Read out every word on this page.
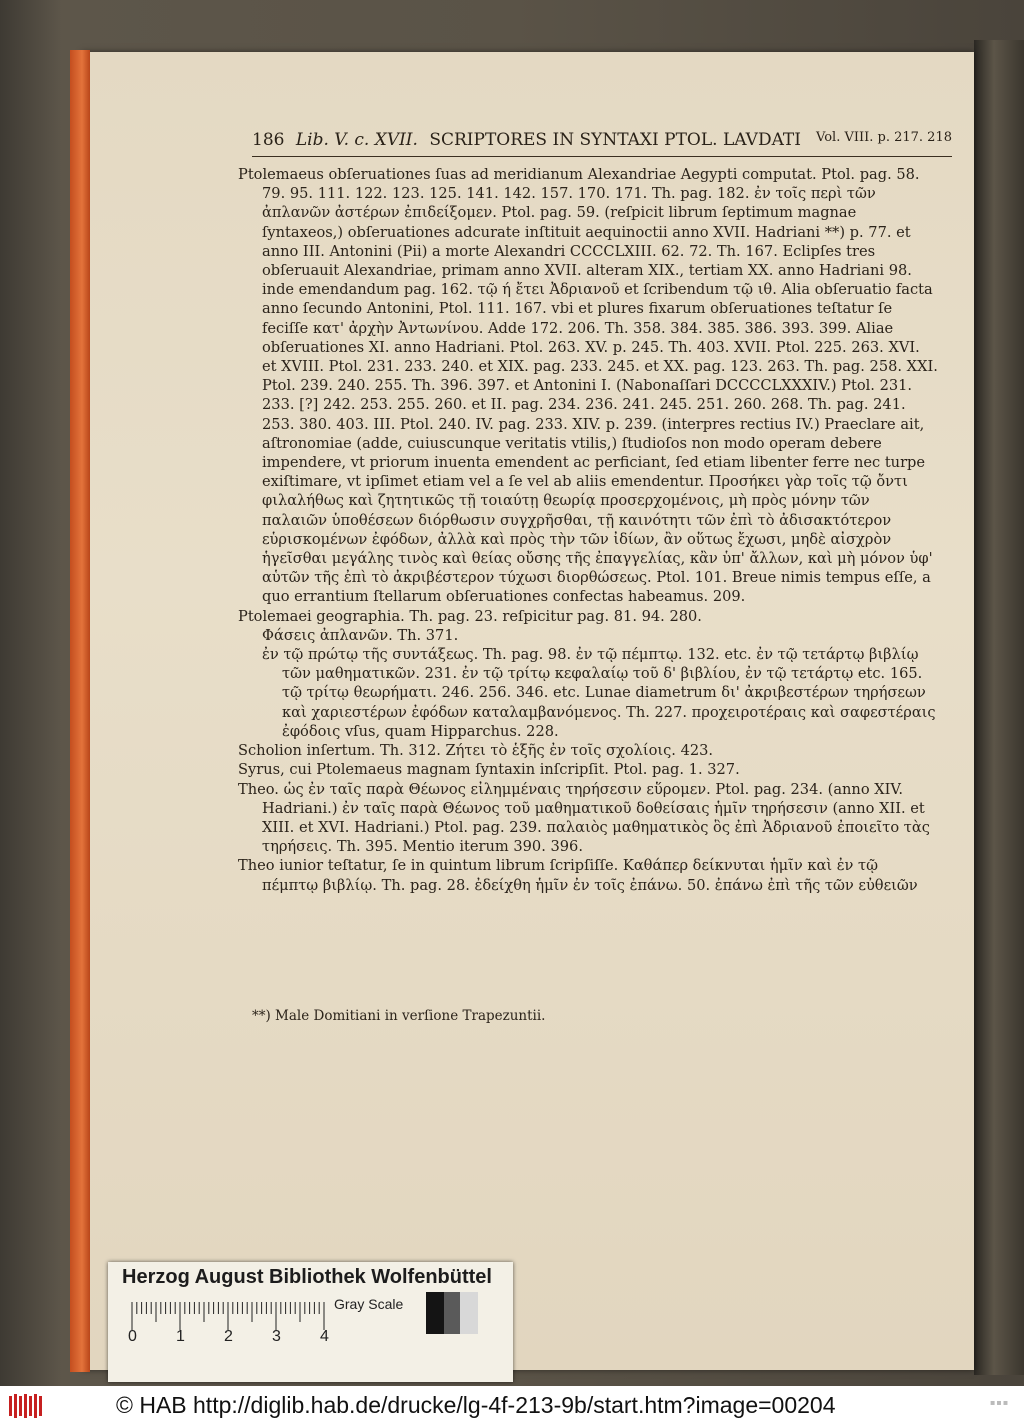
186 Lib. V. c. XVII. SCRIPTORES IN SYNTAXI PTOL. LAVDATI Vol. VIII. p. 217. 218

Ptolemaeus obſeruationes ſuas ad meridianum Alexandriae Aegypti computat. Ptol. pag. 58. 79. 95. 111. 122. 123. 125. 141. 142. 157. 170. 171. Th. pag. 182. ἐν τοῖς περὶ τῶν ἀπλανῶν ἀστέρων ἐπιδείξομεν. Ptol. pag. 59. (reſpicit librum ſeptimum magnae ſyntaxeos,) obſeruationes adcurate inſtituit aequinoctii anno XVII. Hadriani **) p. 77. et anno III. Antonini (Pii) a morte Alexandri CCCCLXIII. 62. 72. Th. 167. Eclipſes tres obſeruauit Alexandriae, primam anno XVII. alteram XIX., tertiam XX. anno Hadriani 98. inde emendandum pag. 162. τῷ ή ἔτει Ἀδριανοῦ et ſcribendum τῷ ιθ. Alia obſeruatio facta anno ſecundo Antonini, Ptol. 111. 167. vbi et plures fixarum obſeruationes teſtatur ſe feciſſe κατ' ἀρχὴν Ἀντωνίνου. Adde 172. 206. Th. 358. 384. 385. 386. 393. 399. Aliae obſeruationes XI. anno Hadriani. Ptol. 263. XV. p. 245. Th. 403. XVII. Ptol. 225. 263. XVI. et XVIII. Ptol. 231. 233. 240. et XIX. pag. 233. 245. et XX. pag. 123. 263. Th. pag. 258. XXI. Ptol. 239. 240. 255. Th. 396. 397. et Antonini I. (Nabonaſſari DCCCCLXXXIV.) Ptol. 231. 233. [?] 242. 253. 255. 260. et II. pag. 234. 236. 241. 245. 251. 260. 268. Th. pag. 241. 253. 380. 403. III. Ptol. 240. IV. pag. 233. XIV. p. 239. (interpres rectius IV.) Praeclare ait, aſtronomiae (adde, cuiuscunque veritatis vtilis,) ſtudioſos non modo operam debere impendere, vt priorum inuenta emendent ac perficiant, ſed etiam libenter ferre nec turpe exiſtimare, vt ipſimet etiam vel a ſe vel ab aliis emendentur. Προσήκει γὰρ τοῖς τῷ ὄντι φιλαλήθως καὶ ζητητικῶς τῇ τοιαύτῃ θεωρίᾳ προσερχομένοις, μὴ πρὸς μόνην τῶν παλαιῶν ὑποθέσεων διόρθωσιν συγχρῆσθαι, τῇ καινότητι τῶν ἐπὶ τὸ ἀδισακτότερον εὑρισκομένων ἐφόδων, ἀλλὰ καὶ πρὸς τὴν τῶν ἰδίων, ἂν οὕτως ἔχωσι, μηδὲ αἰσχρὸν ἡγεῖσθαι μεγάλης τινὸς καὶ θείας οὔσης τῆς ἐπαγγελίας, κἂν ὑπ' ἄλλων, καὶ μὴ μόνον ὑφ' αὑτῶν τῆς ἐπὶ τὸ ἀκριβέστερον τύχωσι διορθώσεως. Ptol. 101. Breue nimis tempus eſſe, a quo errantium ſtellarum obſeruationes confectas habeamus. 209.

Ptolemaei geographia. Th. pag. 23. reſpicitur pag. 81. 94. 280.

Φάσεις ἀπλανῶν. Th. 371.

ἐν τῷ πρώτῳ τῆς συντάξεως. Th. pag. 98. ἐν τῷ πέμπτῳ. 132. etc. ἐν τῷ τετάρτῳ βιβλίῳ τῶν μαθηματικῶν. 231. ἐν τῷ τρίτῳ κεφαλαίῳ τοῦ δ' βιβλίου, ἐν τῷ τετάρτῳ etc. 165. τῷ τρίτῳ θεωρήματι. 246. 256. 346. etc. Lunae diametrum δι' ἀκριβεστέρων τηρήσεων καὶ χαριεστέρων ἐφόδων καταλαμβανόμενος. Th. 227. προχειροτέραις καὶ σαφεστέραις ἐφόδοις vſus, quam Hipparchus. 228.

Scholion inſertum. Th. 312. Ζήτει τὸ ἑξῆς ἐν τοῖς σχολίοις. 423.

Syrus, cui Ptolemaeus magnam ſyntaxin inſcripſit. Ptol. pag. 1. 327.

Theo. ὡς ἐν ταῖς παρὰ Θέωνος εἰλημμέναις τηρήσεσιν εὕρομεν. Ptol. pag. 234. (anno XIV. Hadriani.) ἐν ταῖς παρὰ Θέωνος τοῦ μαθηματικοῦ δοθείσαις ἡμῖν τηρήσεσιν (anno XII. et XIII. et XVI. Hadriani.) Ptol. pag. 239. παλαιὸς μαθηματικὸς ὃς ἐπὶ Ἀδριανοῦ ἐποιεῖτο τὰς τηρήσεις. Th. 395. Mentio iterum 390. 396.

Theo iunior teſtatur, ſe in quintum librum ſcripſiſſe. Καθάπερ δείκνυται ἡμῖν καὶ ἐν τῷ πέμπτῳ βιβλίῳ. Th. pag. 28. ἐδείχθη ἡμῖν ἐν τοῖς ἐπάνω. 50. ἐπάνω ἐπὶ τῆς τῶν εὐθειῶν

**) Male Domitiani in verſione Trapezuntii.
Herzog August Bibliothek Wolfenbüttel
Gray Scale
0 1 2 3 4
© HAB http://diglib.hab.de/drucke/lg-4f-213-9b/start.htm?image=00204	▪▪▪
